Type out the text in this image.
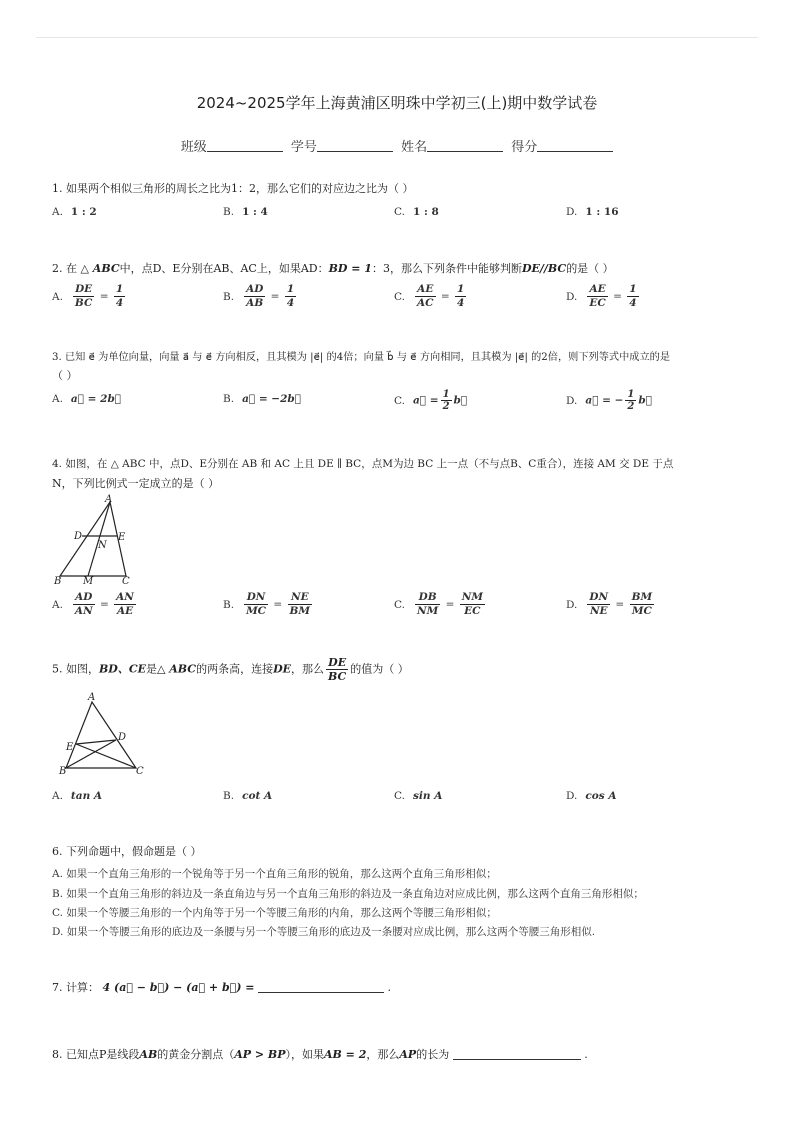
2024~2025学年上海黄浦区明珠中学初三(上)期中数学试卷
班级	学号	姓名	得分
1. 如果两个相似三角形的周长之比为1：2，那么它们的对应边之比为（ ）
A. 1 : 2	B. 1 : 4	C. 1 : 8	D. 1 : 16
2. 在 △ ABC中，点D、E分别在AB、AC上，如果AD：BD = 1：3，那么下列条件中能够判断DE//BC的是（ ）
A. $\frac{DE}{BC} = \frac{1}{4}$	B. $\frac{AD}{AB} = \frac{1}{4}$	C. $\frac{AE}{AC} = \frac{1}{4}$	D. $\frac{AE}{EC} = \frac{1}{4}$
3. 已知 e⃗ 为单位向量，向量 a⃗ 与 e⃗ 方向相反，且其模为 |e⃗| 的4倍；向量 b⃗ 与 e⃗ 方向相同，且其模为 |e⃗| 的2倍，则下列等式中成立的是
（ ）
A. a⃗ = 2b⃗	B. a⃗ = −2b⃗	C. a⃗ = $\frac{1}{2}$ b⃗	D. a⃗ = − $\frac{1}{2}$ b⃗
4. 如图，在 △ ABC 中，点D、E分别在 AB 和 AC 上且 DE ∥ BC，点M为边 BC 上一点（不与点B、C重合），连接 AM 交 DE 于点
N，下列比例式一定成立的是（ ）
A
D	E
N
B M	C
A. $\frac{AD}{AN} = \frac{AN}{AE}$	B. $\frac{DN}{MC} = \frac{NE}{BM}$	C. $\frac{DB}{NM} = \frac{NM}{EC}$	D. $\frac{DN}{NE} = \frac{BM}{MC}$
5. 如图，BD、CE是△ ABC的两条高，连接DE，那么 $\frac{DE}{BC}$ 的值为（ ）
A
E
D
B	C
A. tan A	B. cot A	C. sin A	D. cos A
6. 下列命题中，假命题是（ ）
A. 如果一个直角三角形的一个锐角等于另一个直角三角形的锐角，那么这两个直角三角形相似；
B. 如果一个直角三角形的斜边及一条直角边与另一个直角三角形的斜边及一条直角边对应成比例，那么这两个直角三角形相似；
C. 如果一个等腰三角形的一个内角等于另一个等腰三角形的内角，那么这两个等腰三角形相似；
D. 如果一个等腰三角形的底边及一条腰与另一个等腰三角形的底边及一条腰对应成比例，那么这两个等腰三角形相似.
7. 计算： 4 (a⃗ − b⃗) − (a⃗ + b⃗) =	.
8. 已知点P是线段AB的黄金分割点（AP > BP），如果AB = 2，那么AP的长为	.
